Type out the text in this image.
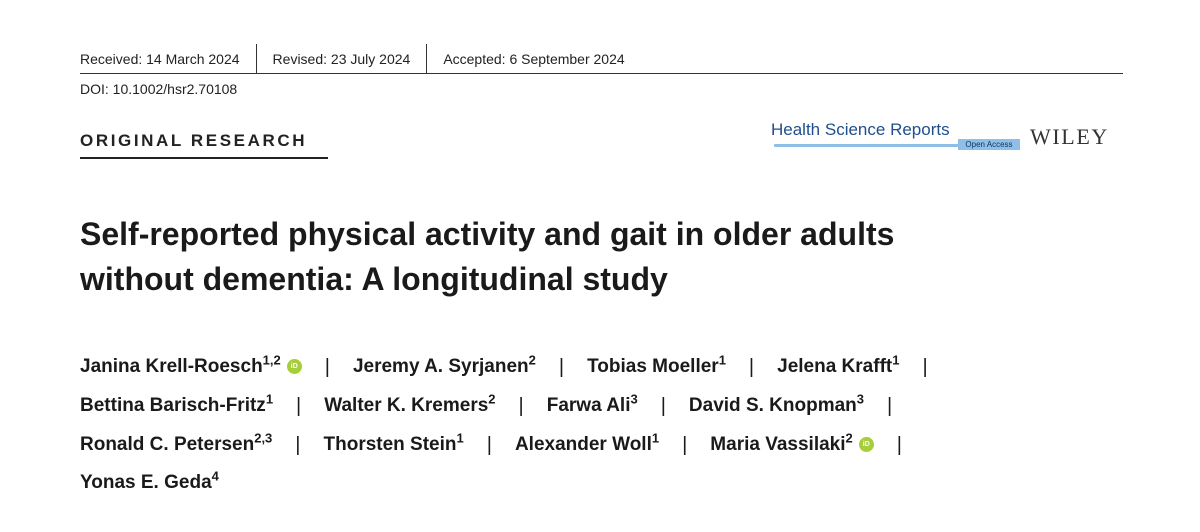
Received: 14 March 2024 Revised: 23 July 2024 Accepted: 6 September 2024
DOI: 10.1002/hsr2.70108
ORIGINAL RESEARCH
Health Science Reports
Open Access WILEY
Self-reported physical activity and gait in older adults
without dementia: A longitudinal study
Janina Krell-Roesch$^{1,2}$ iD | Jeremy A. Syrjanen$^2$ | Tobias Moeller$^1$ | Jelena Krafft$^1$ |
Bettina Barisch-Fritz$^1$ | Walter K. Kremers$^2$ | Farwa Ali$^3$ | David S. Knopman$^3$ |
Ronald C. Petersen$^{2,3}$ | Thorsten Stein$^1$ | Alexander Woll$^1$ | Maria Vassilaki$^2$ iD |
Yonas E. Geda$^4$
